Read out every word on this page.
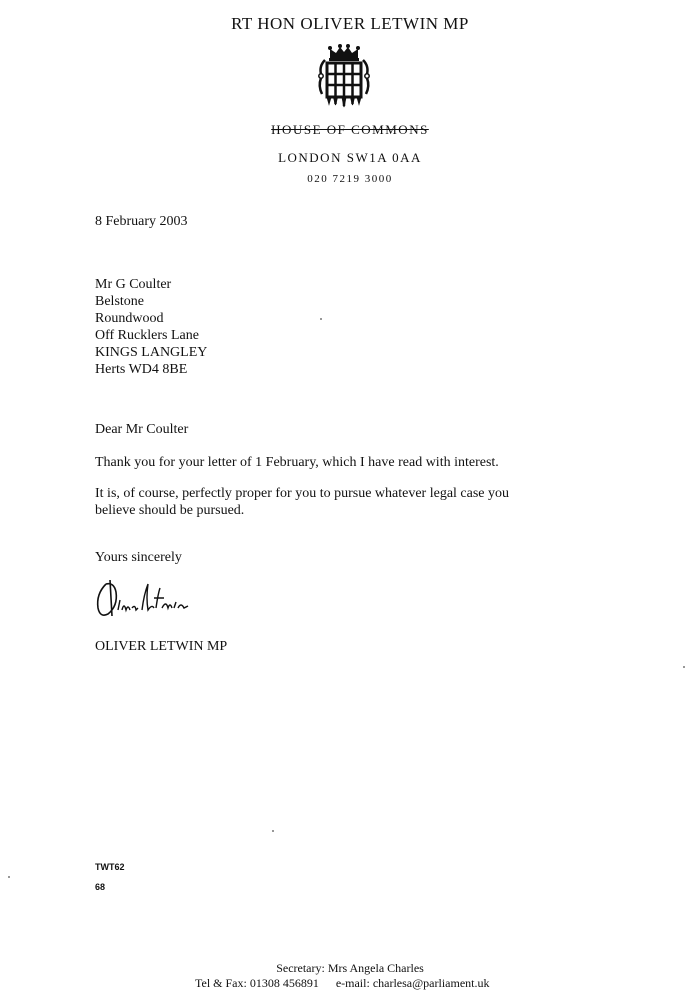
RT HON OLIVER LETWIN MP
HOUSE OF COMMONS
LONDON SW1A 0AA
020 7219 3000
8 February 2003
Mr G Coulter
Belstone
Roundwood
Off Rucklers Lane
KINGS LANGLEY
Herts WD4 8BE
Dear Mr Coulter
Thank you for your letter of 1 February, which I have read with interest.
It is, of course, perfectly proper for you to pursue whatever legal case you believe should be pursued.
Yours sincerely
OLIVER LETWIN MP
TWT62
68
Secretary: Mrs Angela Charles
Tel & Fax: 01308 456891 e-mail: charlesa@parliament.uk
